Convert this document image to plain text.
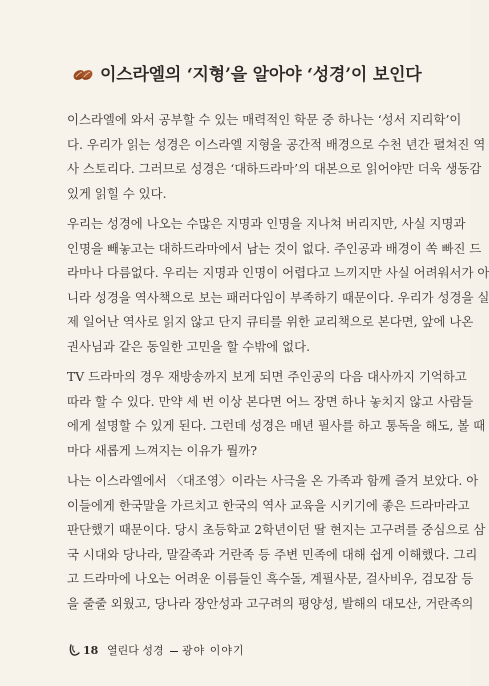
이스라엘의 ‘지형’을 알아야 ‘성경’이 보인다
이스라엘에 와서 공부할 수 있는 매력적인 학문 중 하나는 ‘성서 지리학’이
다. 우리가 읽는 성경은 이스라엘 지형을 공간적 배경으로 수천 년간 펼쳐진 역
사 스토리다. 그러므로 성경은 ‘대하드라마’의 대본으로 읽어야만 더욱 생동감
있게 읽힐 수 있다.
우리는 성경에 나오는 수많은 지명과 인명을 지나쳐 버리지만, 사실 지명과
인명을 빼놓고는 대하드라마에서 남는 것이 없다. 주인공과 배경이 쏙 빠진 드
라마나 다름없다. 우리는 지명과 인명이 어렵다고 느끼지만 사실 어려워서가 아
니라 성경을 역사책으로 보는 패러다임이 부족하기 때문이다. 우리가 성경을 실
제 일어난 역사로 읽지 않고 단지 큐티를 위한 교리책으로 본다면, 앞에 나온
권사님과 같은 동일한 고민을 할 수밖에 없다.
TV 드라마의 경우 재방송까지 보게 되면 주인공의 다음 대사까지 기억하고
따라 할 수 있다. 만약 세 번 이상 본다면 어느 장면 하나 놓치지 않고 사람들
에게 설명할 수 있게 된다. 그런데 성경은 매년 필사를 하고 통독을 해도, 볼 때
마다 새롭게 느껴지는 이유가 뭘까?
나는 이스라엘에서 〈대조영〉이라는 사극을 온 가족과 함께 즐겨 보았다. 아
이들에게 한국말을 가르치고 한국의 역사 교육을 시키기에 좋은 드라마라고
판단했기 때문이다. 당시 초등학교 2학년이던 딸 현지는 고구려를 중심으로 삼
국 시대와 당나라, 말갈족과 거란족 등 주변 민족에 대해 쉽게 이해했다. 그리
고 드라마에 나오는 어려운 이름들인 흑수돌, 계필사문, 걸사비우, 검모잠 등
을 줄줄 외웠고, 당나라 장안성과 고구려의 평양성, 발해의 대모산, 거란족의
18 열린다 성경 광야 이야기
